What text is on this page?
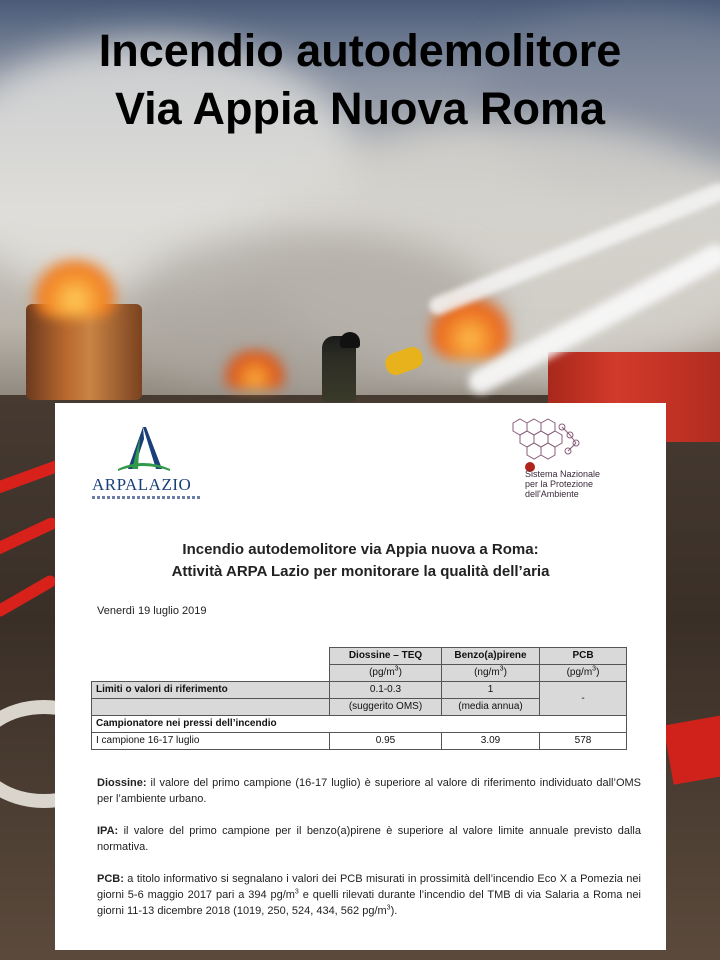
Incendio autodemolitore
Via Appia Nuova Roma
ARPALAZIO
Sistema Nazionale
per la Protezione
dell'Ambiente
Incendio autodemolitore via Appia nuova a Roma:
Attività ARPA Lazio per monitorare la qualità dell’aria
Venerdì 19 luglio 2019
	Diossine – TEQ	Benzo(a)pirene	PCB
	$(pg/m^3)$	$(ng/m^3)$	$(pg/m^3)$
Limiti o valori di riferimento	0.1-0.3	1	-
	(suggerito OMS)	(media annua)	
Campionatore nei pressi dell’incendio			
I campione 16-17 luglio	0.95	3.09	578

Diossine: il valore del primo campione (16-17 luglio) è superiore al valore di riferimento individuato dall’OMS per l’ambiente urbano.

IPA: il valore del primo campione per il benzo(a)pirene è superiore al valore limite annuale previsto dalla normativa.

PCB: a titolo informativo si segnalano i valori dei PCB misurati in prossimità dell’incendio Eco X a Pomezia nei giorni 5-6 maggio 2017 pari a 394 $pg/m^3$ e quelli rilevati durante l’incendio del TMB di via Salaria a Roma nei giorni 11-13 dicembre 2018 (1019, 250, 524, 434, 562 $pg/m^3$).
